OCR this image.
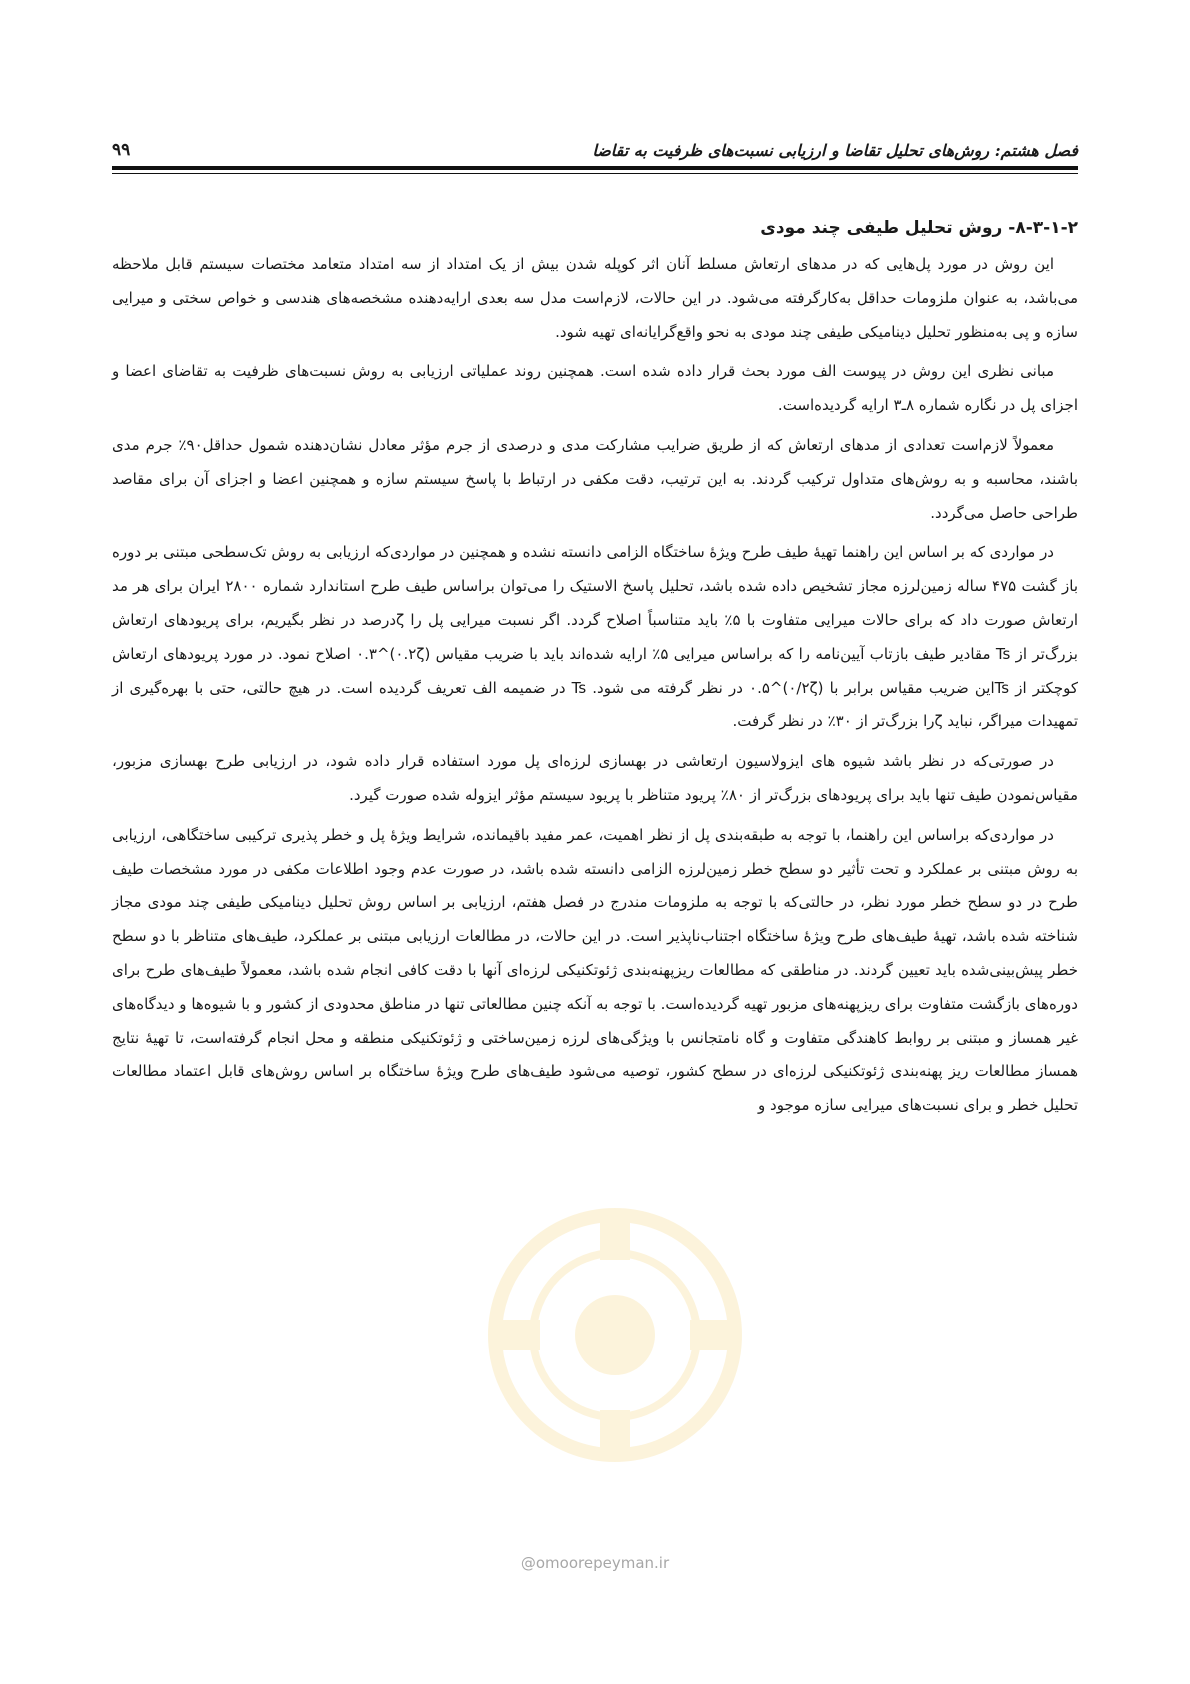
فصل هشتم: روش‌های تحلیل تقاضا و ارزیابی نسبت‌های ظرفیت به تقاضا
۹۹
۸-۳-۱-۲- روش تحلیل طیفی چند مودی

این روش در مورد پل‌هایی که در مدهای ارتعاش مسلط آنان اثر کوپله شدن بیش از یک امتداد از سه امتداد متعامد مختصات سیستم قابل ملاحظه می‌باشد، به عنوان ملزومات حداقل به‌کارگرفته می‌شود. در این حالات، لازم‌است مدل سه بعدی ارایه‌دهنده مشخصه‌های هندسی و خواص سختی و میرایی سازه و پی به‌منظور تحلیل دینامیکی طیفی چند مودی به نحو واقع‌گرایانه‌ای تهیه شود.

مبانی نظری این روش در پیوست الف مورد بحث قرار داده شده است. همچنین روند عملیاتی ارزیابی به روش نسبت‌های ظرفیت به تقاضای اعضا و اجزای پل در نگاره شماره ۸ـ۳ ارایه گردیده‌است.

معمولاً لازم‌است تعدادی از مدهای ارتعاش که از طریق ضرایب مشارکت مدی و درصدی از جرم مؤثر معادل نشان‌دهنده شمول حداقل۹۰٪ جرم مدی باشند، محاسبه و به روش‌های متداول ترکیب گردند. به این ترتیب، دقت مکفی در ارتباط با پاسخ سیستم سازه و همچنین اعضا و اجزای آن برای مقاصد طراحی حاصل می‌گردد.

در مواردی که بر اساس این راهنما تهیهٔ طیف طرح ویژهٔ ساختگاه الزامی دانسته نشده و همچنین در مواردی‌که ارزیابی به روش تک‌سطحی مبتنی بر دوره باز گشت ۴۷۵ ساله زمین‌لرزه مجاز تشخیص داده شده باشد، تحلیل پاسخ الاستیک را می‌توان براساس طیف طرح استاندارد شماره ۲۸۰۰ ایران برای هر مد ارتعاش صورت داد که برای حالات میرایی متفاوت با ۵٪ باید متناسباً اصلاح گردد. اگر نسبت میرایی پل را ζدرصد در نظر بگیریم، برای پریودهای ارتعاش بزرگ‌تر از Ts مقادیر طیف بازتاب آیین‌نامه را که براساس میرایی ۵٪ ارایه شده‌اند باید با ضریب مقیاس (۰.۲ζ)^۰.۳ اصلاح نمود. در مورد پریودهای ارتعاش کوچکتر از Tsاین ضریب مقیاس برابر با (۰/۲ζ)^۰.۵ در نظر گرفته می شود. Ts در ضمیمه الف تعریف گردیده است. در هیچ حالتی، حتی با بهره‌گیری از تمهیدات میراگر، نباید ζرا بزرگ‌تر از ۳۰٪ در نظر گرفت.

در صورتی‌که در نظر باشد شیوه های ایزولاسیون ارتعاشی در بهسازی لرزه‌ای پل مورد استفاده قرار داده شود، در ارزیابی طرح بهسازی مزبور، مقیاس‌نمودن طیف تنها باید برای پریودهای بزرگ‌تر از ۸۰٪ پریود متناظر با پریود سیستم مؤثر ایزوله شده صورت گیرد.

در مواردی‌که براساس این راهنما، با توجه به طبقه‌بندی پل از نظر اهمیت، عمر مفید باقیمانده، شرایط ویژهٔ پل و خطر پذیری ترکیبی ساختگاهی، ارزیابی به روش مبتنی بر عملکرد و تحت تأثیر دو سطح خطر زمین‌لرزه الزامی دانسته شده باشد، در صورت عدم وجود اطلاعات مکفی در مورد مشخصات طیف طرح در دو سطح خطر مورد نظر، در حالتی‌که با توجه به ملزومات مندرج در فصل هفتم، ارزیابی بر اساس روش تحلیل دینامیکی طیفی چند مودی مجاز شناخته شده باشد، تهیهٔ طیف‌های طرح ویژهٔ ساختگاه اجتناب‌ناپذیر است. در این حالات، در مطالعات ارزیابی مبتنی بر عملکرد، طیف‌های متناظر با دو سطح خطر پیش‌بینی‌شده باید تعیین گردند. در مناطقی که مطالعات ریزپهنه‌بندی ژئوتکنیکی لرزه‌ای آنها با دقت کافی انجام شده باشد، معمولاً طیف‌های طرح برای دوره‌های بازگشت متفاوت برای ریزپهنه‌های مزبور تهیه گردیده‌است. با توجه به آنکه چنین مطالعاتی تنها در مناطق محدودی از کشور و با شیوه‌ها و دیدگاه‌های غیر همساز و مبتنی بر روابط کاهندگی متفاوت و گاه نامتجانس با ویژگی‌های لرزه زمین‌ساختی و ژئوتکنیکی منطقه و محل انجام گرفته‌است، تا تهیهٔ نتایج همساز مطالعات ریز پهنه‌بندی ژئوتکنیکی لرزه‌ای در سطح کشور، توصیه می‌شود طیف‌های طرح ویژهٔ ساختگاه بر اساس روش‌های قابل اعتماد مطالعات تحلیل خطر و برای نسبت‌های میرایی سازه موجود و

@omoorepeyman.ir
